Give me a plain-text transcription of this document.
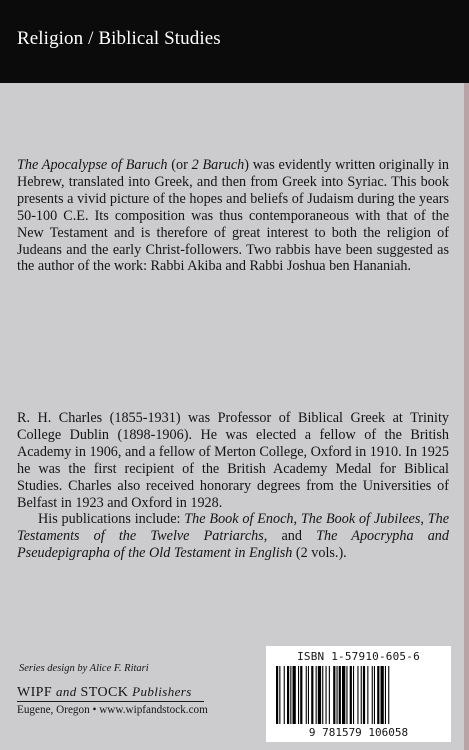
Religion / Biblical Studies

The Apocalypse of Baruch (or 2 Baruch) was evidently written originally in Hebrew, translated into Greek, and then from Greek into Syriac. This book presents a vivid picture of the hopes and beliefs of Judaism during the years 50-100 C.E. Its composition was thus contemporaneous with that of the New Testament and is therefore of great interest to both the religion of Judeans and the early Christ-followers. Two rabbis have been suggested as the author of the work: Rabbi Akiba and Rabbi Joshua ben Hananiah.

R. H. Charles (1855-1931) was Professor of Biblical Greek at Trinity College Dublin (1898-1906). He was elected a fellow of the British Academy in 1906, and a fellow of Merton College, Oxford in 1910. In 1925 he was the first recipient of the British Academy Medal for Biblical Studies. Charles also received honorary degrees from the Universities of Belfast in 1923 and Oxford in 1928.
His publications include: The Book of Enoch, The Book of Jubilees, The Testaments of the Twelve Patriarchs, and The Apocrypha and Pseudepigrapha of the Old Testament in English (2 vols.).
Series design by Alice F. Ritari
WIPF and STOCK Publishers
Eugene, Oregon • www.wipfandstock.com
ISBN 1-57910-605-6
9 781579 106058
